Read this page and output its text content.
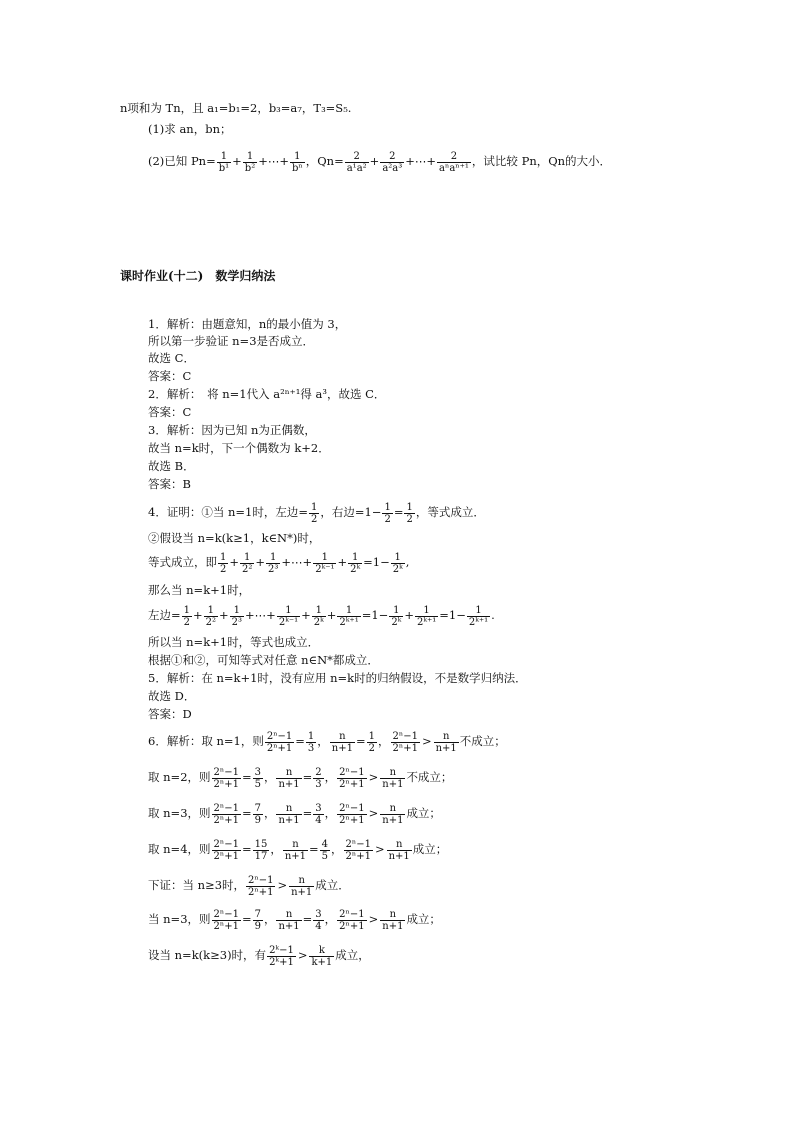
n项和为 Tn，且 a₁=b₁=2，b₃=a₇，T₃=S₅.
(1)求 an，bn；
(2)已知 $Pn= \frac{1}{\text{b¹}} + \frac{1}{\text{b²}}$ +⋯+ $\frac{1}{\text{bⁿ}}$ ，$Qn= \frac{2}{\text{a¹a²}} + \frac{2}{\text{a²a³}}$ +⋯+ $\frac{2}{\text{aⁿaⁿ⁺¹}}$ ，试比较 Pn，Qn的大小．
课时作业(十二)　数学归纳法
1．解析：由题意知，n的最小值为 3，
所以第一步验证 n=3是否成立．
故选 C．
答案：C
2．解析：　将 n=1代入 a²ⁿ⁺¹得 a³，故选 C．
答案：C
3．解析：因为已知 n为正偶数，
故当 n=k时，下一个偶数为 k+2．
故选 B．
答案：B
4．证明：①当 n=1时，左边= $\frac{1}{2}$ ，右边$=1- \frac{1}{2} = \frac{1}{2}$ ，等式成立．
②假设当 n=k(k≥1，k∈N*)时，
等式成立，即 $\frac{1}{2} + \frac{1}{\text{2²}} + \frac{1}{\text{2³}}$ +⋯+ $\frac{1}{\text{2ᵏ⁻¹}} + \frac{1}{\text{2ᵏ}} =1- \frac{1}{\text{2ᵏ}}$ ,
那么当 n=k+1时，
左边= $\frac{1}{2} + \frac{1}{\text{2²}} + \frac{1}{\text{2³}}$ +⋯+ $\frac{1}{\text{2ᵏ⁻¹}} + \frac{1}{\text{2ᵏ}} + \frac{1}{\text{2ᵏ⁺¹}} =1- \frac{1}{\text{2ᵏ}} + \frac{1}{\text{2ᵏ⁺¹}} =1- \frac{1}{\text{2ᵏ⁺¹}}$ .
所以当 n=k+1时，等式也成立．
根据①和②，可知等式对任意 n∈N*都成立．
5．解析：在 n=k+1时，没有应用 n=k时的归纳假设，不是数学归纳法．
故选 D．
答案：D
6．解析：取 n=1，则 $\frac{\text{2ⁿ−1}}{\text{2ⁿ+1}} = \frac{1}{3}$ ， $\frac{n}{n+1} = \frac{1}{2}$ ， $\frac{\text{2ⁿ−1}}{\text{2ⁿ+1}} > \frac{n}{n+1}$ 不成立；
取 n=2，则 $\frac{\text{2ⁿ−1}}{\text{2ⁿ+1}} = \frac{3}{5}$ ， $\frac{n}{n+1} = \frac{2}{3}$ ， $\frac{\text{2ⁿ−1}}{\text{2ⁿ+1}} > \frac{n}{n+1}$ 不成立；
取 n=3，则 $\frac{\text{2ⁿ−1}}{\text{2ⁿ+1}} = \frac{7}{9}$ ， $\frac{n}{n+1} = \frac{3}{4}$ ， $\frac{\text{2ⁿ−1}}{\text{2ⁿ+1}} > \frac{n}{n+1}$ 成立；
取 n=4，则 $\frac{\text{2ⁿ−1}}{\text{2ⁿ+1}} = \frac{15}{17}$ ， $\frac{n}{n+1} = \frac{4}{5}$ ， $\frac{\text{2ⁿ−1}}{\text{2ⁿ+1}} > \frac{n}{n+1}$ 成立；
下证：当 n≥3时， $\frac{\text{2ⁿ−1}}{\text{2ⁿ+1}} > \frac{n}{n+1}$ 成立．
当 n=3，则 $\frac{\text{2ⁿ−1}}{\text{2ⁿ+1}} = \frac{7}{9}$ ， $\frac{n}{n+1} = \frac{3}{4}$ ， $\frac{\text{2ⁿ−1}}{\text{2ⁿ+1}} > \frac{n}{n+1}$ 成立；
设当 n=k(k≥3)时，有 $\frac{\text{2ᵏ−1}}{\text{2ᵏ+1}} > \frac{k}{k+1}$ 成立，
